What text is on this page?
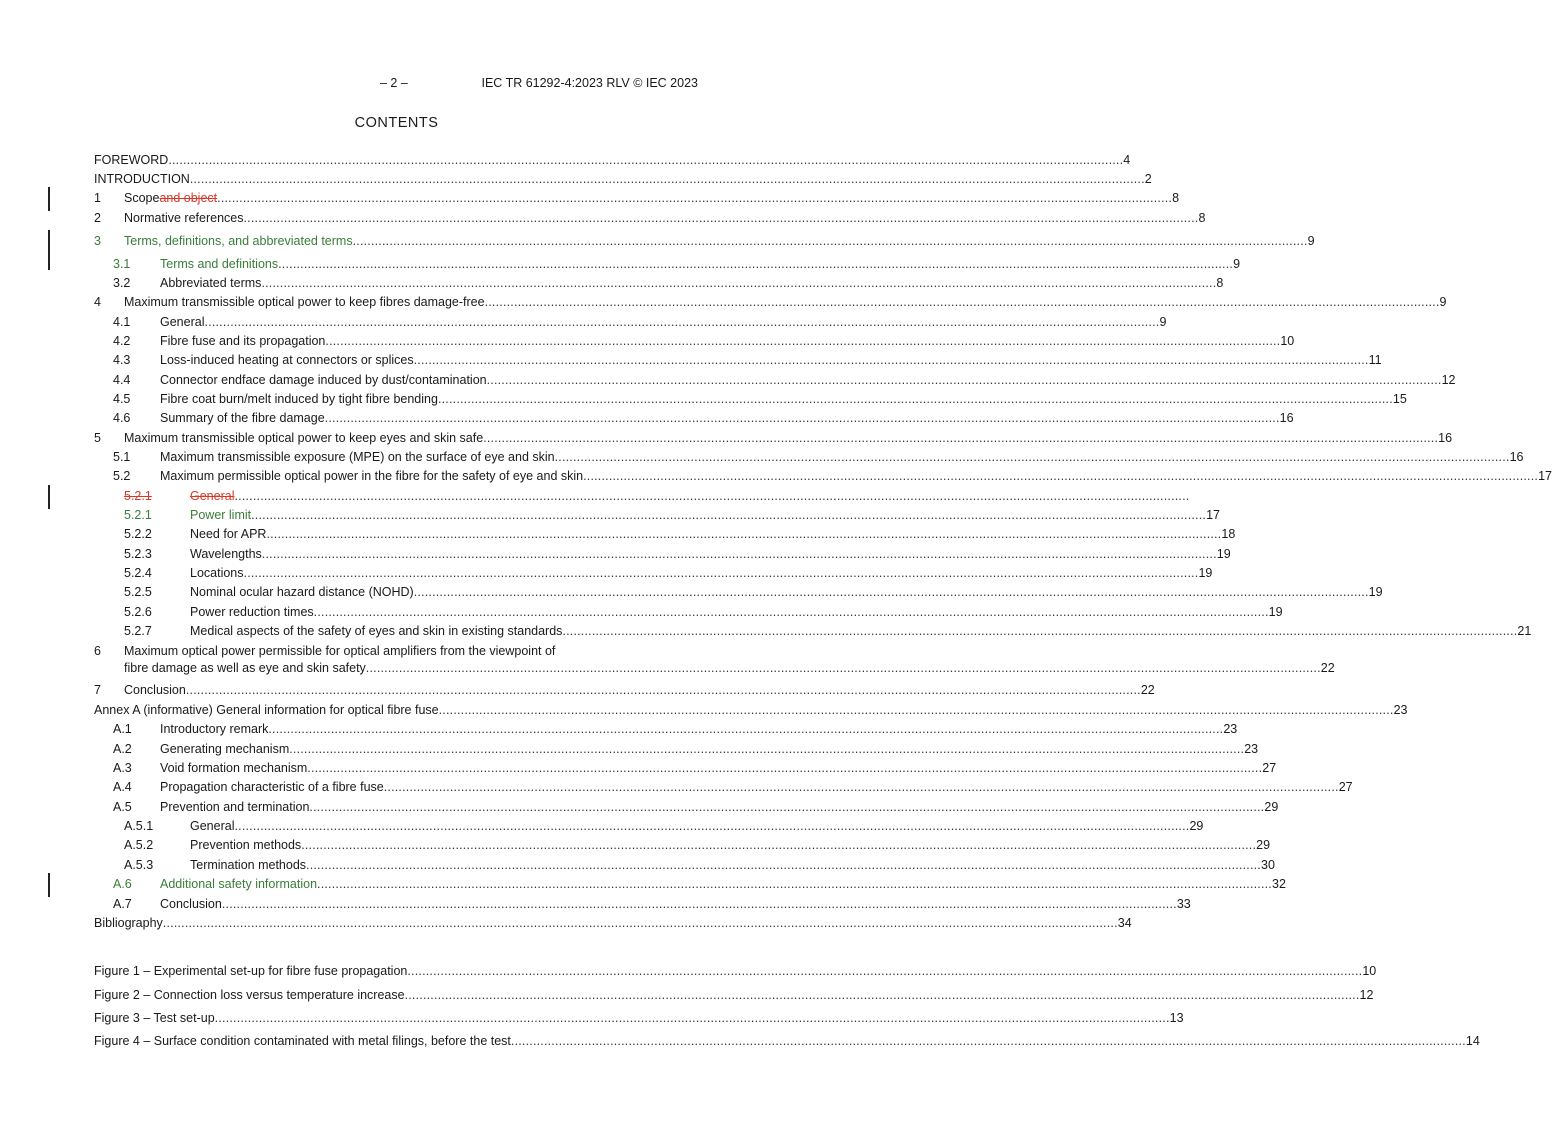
– 2 –	IEC TR 61292-4:2023 RLV © IEC 2023
CONTENTS
FOREWORD .................................................................................................................................................................................................................................................................... 4
INTRODUCTION .................................................................................................................................................................................................................................................................... 2
1 Scope and object .................................................................................................................................................................................................................................................................... 8
2 Normative references .................................................................................................................................................................................................................................................................... 8
3 Terms, definitions, and abbreviated terms .................................................................................................................................................................................................................................................................... 9
3.1 Terms and definitions .................................................................................................................................................................................................................................................................... 9
3.2 Abbreviated terms .................................................................................................................................................................................................................................................................... 8
4 Maximum transmissible optical power to keep fibres damage-free .................................................................................................................................................................................................................................................................... 9
4.1 General .................................................................................................................................................................................................................................................................... 9
4.2 Fibre fuse and its propagation .................................................................................................................................................................................................................................................................... 10
4.3 Loss-induced heating at connectors or splices .................................................................................................................................................................................................................................................................... 11
4.4 Connector endface damage induced by dust/contamination .................................................................................................................................................................................................................................................................... 12
4.5 Fibre coat burn/melt induced by tight fibre bending .................................................................................................................................................................................................................................................................... 15
4.6 Summary of the fibre damage .................................................................................................................................................................................................................................................................... 16
5 Maximum transmissible optical power to keep eyes and skin safe .................................................................................................................................................................................................................................................................... 16
5.1 Maximum transmissible exposure (MPE) on the surface of eye and skin .................................................................................................................................................................................................................................................................... 16
5.2 Maximum permissible optical power in the fibre for the safety of eye and skin .................................................................................................................................................................................................................................................................... 17
5.2.1	General ....................................................................................................................................................................................................................................................................
5.2.1	Power limit .................................................................................................................................................................................................................................................................... 17
5.2.2	Need for APR .................................................................................................................................................................................................................................................................... 18
5.2.3	Wavelengths .................................................................................................................................................................................................................................................................... 19
5.2.4	Locations .................................................................................................................................................................................................................................................................... 19
5.2.5	Nominal ocular hazard distance (NOHD) .................................................................................................................................................................................................................................................................... 19
5.2.6	Power reduction times .................................................................................................................................................................................................................................................................... 19
5.2.7	Medical aspects of the safety of eyes and skin in existing standards .................................................................................................................................................................................................................................................................... 21
6 Maximum optical power permissible for optical amplifiers from the viewpoint of
fibre damage as well as eye and skin safety .................................................................................................................................................................................................................................................................... 22
7 Conclusion .................................................................................................................................................................................................................................................................... 22
Annex A (informative) General information for optical fibre fuse .................................................................................................................................................................................................................................................................... 23
A.1 Introductory remark .................................................................................................................................................................................................................................................................... 23
A.2 Generating mechanism .................................................................................................................................................................................................................................................................... 23
A.3 Void formation mechanism .................................................................................................................................................................................................................................................................... 27
A.4 Propagation characteristic of a fibre fuse .................................................................................................................................................................................................................................................................... 27
A.5 Prevention and termination .................................................................................................................................................................................................................................................................... 29
A.5.1	General .................................................................................................................................................................................................................................................................... 29
A.5.2	Prevention methods .................................................................................................................................................................................................................................................................... 29
A.5.3	Termination methods .................................................................................................................................................................................................................................................................... 30
A.6 Additional safety information .................................................................................................................................................................................................................................................................... 32
A.7 Conclusion .................................................................................................................................................................................................................................................................... 33
Bibliography .................................................................................................................................................................................................................................................................... 34
Figure 1 – Experimental set-up for fibre fuse propagation .................................................................................................................................................................................................................................................................... 10
Figure 2 – Connection loss versus temperature increase .................................................................................................................................................................................................................................................................... 12
Figure 3 – Test set-up .................................................................................................................................................................................................................................................................... 13
Figure 4 – Surface condition contaminated with metal filings, before the test .................................................................................................................................................................................................................................................................... 14
